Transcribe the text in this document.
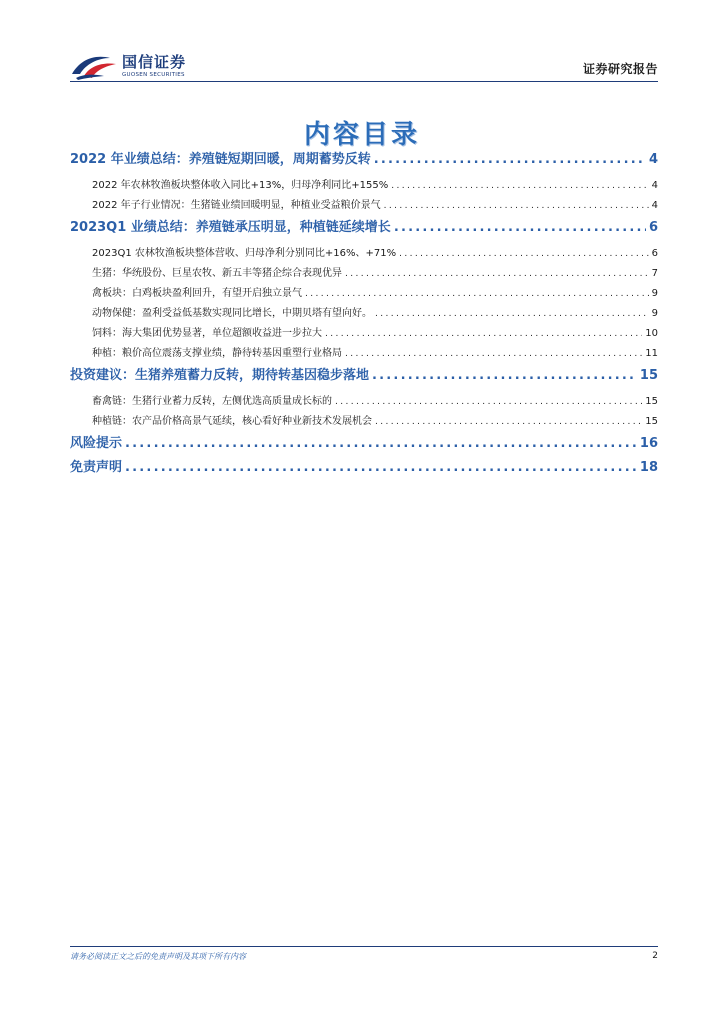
国信证券
GUOSEN SECURITIES	证券研究报告
内容目录
2022 年业绩总结：养殖链短期回暖，周期蓄势反转 .....	4
2022 年农林牧渔板块整体收入同比+13%，归母净利同比+155% .....	4
2022 年子行业情况：生猪链业绩回暖明显，种植业受益粮价景气 .....	4
2023Q1 业绩总结：养殖链承压明显，种植链延续增长 .....	6
2023Q1 农林牧渔板块整体营收、归母净利分别同比+16%、+71% .....	6
生猪：华统股份、巨星农牧、新五丰等猪企综合表现优异 .....	7
禽板块：白鸡板块盈利回升，有望开启独立景气 .....	9
动物保健：盈利受益低基数实现同比增长，中期贝塔有望向好。 .....	9
饲料：海大集团优势显著，单位超额收益进一步拉大 .....	10
种植：粮价高位震荡支撑业绩，静待转基因重塑行业格局 .....	11
投资建议：生猪养殖蓄力反转，期待转基因稳步落地 .....	15
畜禽链：生猪行业蓄力反转，左侧优选高质量成长标的 .....	15
种植链：农产品价格高景气延续，核心看好种业新技术发展机会 .....	15
风险提示 .....	16
免责声明 .....	18
请务必阅读正文之后的免责声明及其项下所有内容	2
